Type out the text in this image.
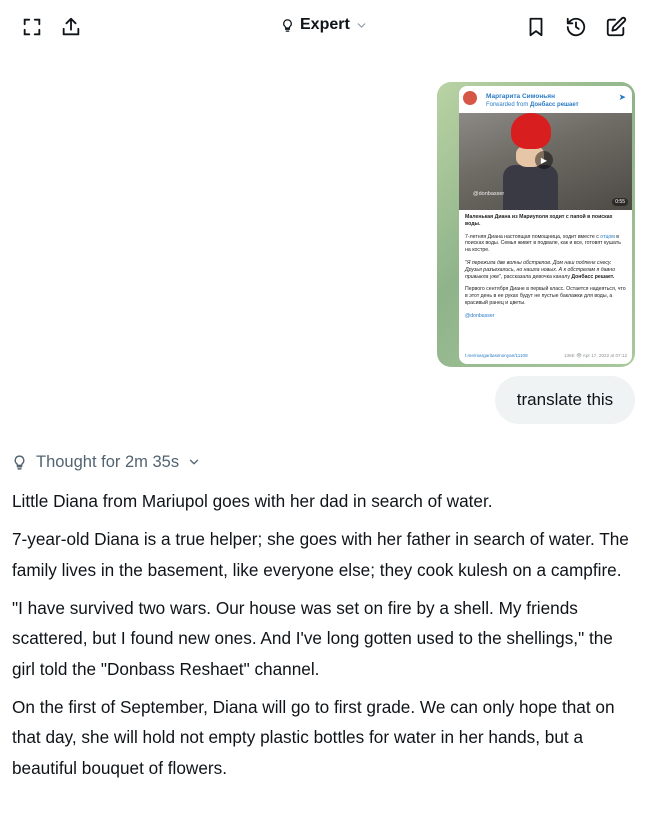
Expert
Маргарита Симоньян
Forwarded from Донбасс решает
➤
▶
@donbasser
0:55

Маленькая Диана из Мариуполя ходит с папой в поисках воды.

7-летняя Диана настоящая помощница, ходит вместе с отцом в поисках воды. Семья живет в подвале, как и все, готовят кушать на костре.

"Я пережила две волны обстрелов. Дом наш подпенг снесу. Друзья разъехались, но нашла новых. А к обстрелам я давно привыкла уже", рассказала девочка каналу Донбасс решает.

Первого сентября Диане в первый класс. Остается надеяться, что в этот день в ее руках будут не пустые баклажки для воды, а красивый ранец и цветы.

@donbasser

t.me/margaritasimonyan/11108	136K 👁 Apr 17, 2022 at 07:12
translate this
Thought for 2m 35s

Little Diana from Mariupol goes with her dad in search of water.

7-year-old Diana is a true helper; she goes with her father in search of water. The family lives in the basement, like everyone else; they cook kulesh on a campfire.

"I have survived two wars. Our house was set on fire by a shell. My friends scattered, but I found new ones. And I've long gotten used to the shellings," the girl told the "Donbass Reshaet" channel.

On the first of September, Diana will go to first grade. We can only hope that on that day, she will hold not empty plastic bottles for water in her hands, but a beautiful bouquet of flowers.
